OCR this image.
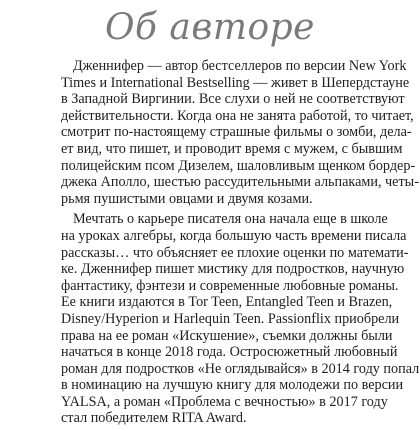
Об авторе
Дженнифер — автор бестселлеров по версии New York
Times и International Bestselling — живет в Шепердстауне
в Западной Виргинии. Все слухи о ней не соответствуют
действительности. Когда она не занята работой, то читает,
смотрит по-настоящему страшные фильмы о зомби, дела-
ет вид, что пишет, и проводит время с мужем, с бывшим
полицейским псом Дизелем, шаловливым щенком бордер-
джека Аполло, шестью рассудительными альпаками, четы-
рьмя пушистыми овцами и двумя козами.
Мечтать о карьере писателя она начала еще в школе
на уроках алгебры, когда большую часть времени писала
рассказы… что объясняет ее плохие оценки по математи-
ке. Дженнифер пишет мистику для подростков, научную
фантастику, фэнтези и современные любовные романы.
Ее книги издаются в Tor Teen, Entangled Teen и Brazen,
Disney/Hyperion и Harlequin Teen. Passionflix приобрели
права на ее роман «Искушение», съемки должны были
начаться в конце 2018 года. Остросюжетный любовный
роман для подростков «Не оглядывайся» в 2014 году попал
в номинацию на лучшую книгу для молодежи по версии
YALSA, а роман «Проблема с вечностью» в 2017 году
стал победителем RITA Award.
